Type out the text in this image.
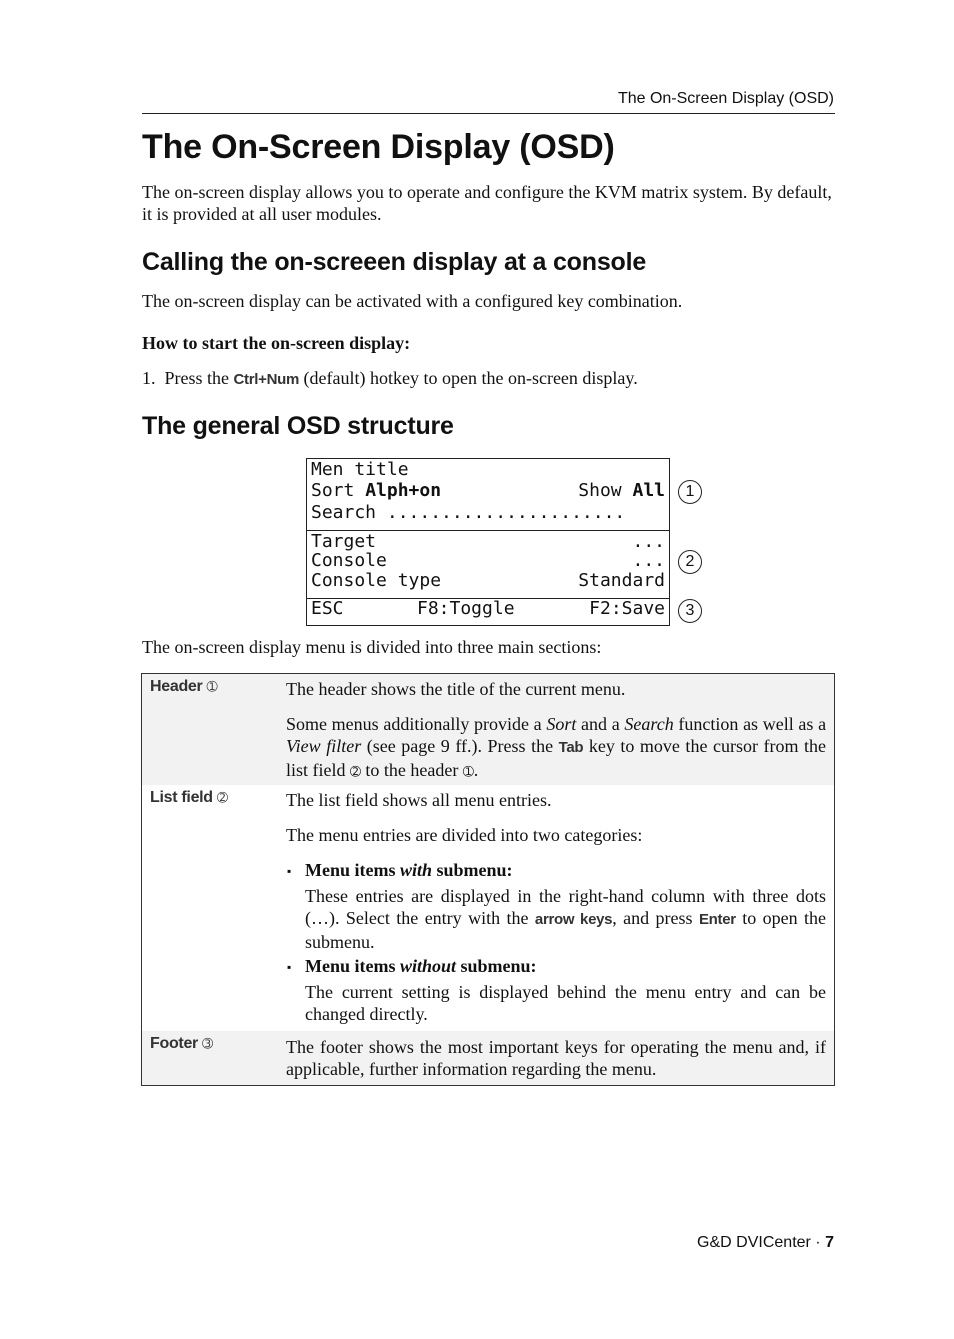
The On-Screen Display (OSD)
The On-Screen Display (OSD)

The on-screen display allows you to operate and configure the KVM matrix system. By default, it is provided at all user modules.

Calling the on-screeen display at a console

The on-screen display can be activated with a configured key combination.

How to start the on-screen display:

1. Press the Ctrl+Num (default) hotkey to open the on-screen display.

The general OSD structure
Men title
Sort Alph+on	Show All
Search ......................
Target	...
Console	...
Console type	Standard
ESC	F8:Toggle	F2:Save
1
2
3

The on-screen display menu is divided into three main sections:

Header ➀	The header shows the title of the current menu.

Some menus additionally provide a Sort and a Search function as well as a View filter (see page 9 ff.). Press the Tab key to move the cursor from the list field ➁ to the header ➀.

List field ➁	The list field shows all menu entries.
The menu entries are divided into two categories:
▪ Menu items with submenu:

These entries are displayed in the right-hand column with three dots (…). Select the entry with the arrow keys, and press Enter to open the submenu.

▪ Menu items without submenu:

The current setting is displayed behind the menu entry and can be changed directly.

Footer ➂	The footer shows the most important keys for operating the menu and, if applicable, further information regarding the menu.

G&D DVICenter · 7
